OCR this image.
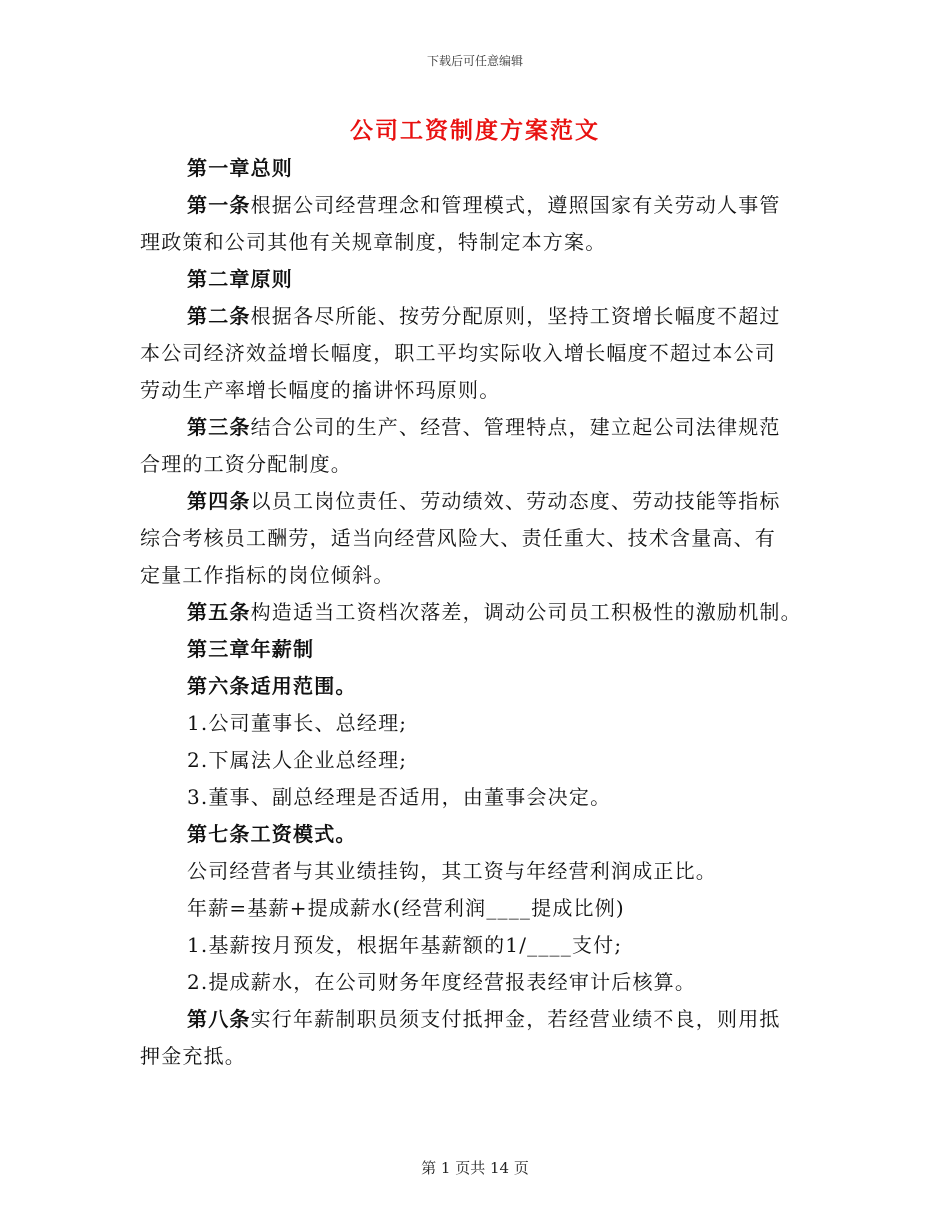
下载后可任意编辑
公司工资制度方案范文
第一章总则
第一条根据公司经营理念和管理模式，遵照国家有关劳动人事管
理政策和公司其他有关规章制度，特制定本方案。
第二章原则
第二条根据各尽所能、按劳分配原则，坚持工资增长幅度不超过
本公司经济效益增长幅度，职工平均实际收入增长幅度不超过本公司
劳动生产率增长幅度的搐讲怀玛原则。
第三条结合公司的生产、经营、管理特点，建立起公司法律规范
合理的工资分配制度。
第四条以员工岗位责任、劳动绩效、劳动态度、劳动技能等指标
综合考核员工酬劳，适当向经营风险大、责任重大、技术含量高、有
定量工作指标的岗位倾斜。
第五条构造适当工资档次落差，调动公司员工积极性的激励机制。
第三章年薪制
第六条适用范围。
1.公司董事长、总经理;
2.下属法人企业总经理;
3.董事、副总经理是否适用，由董事会决定。
第七条工资模式。
公司经营者与其业绩挂钩，其工资与年经营利润成正比。
年薪=基薪+提成薪水(经营利润____提成比例)
1.基薪按月预发，根据年基薪额的1/____支付;
2.提成薪水，在公司财务年度经营报表经审计后核算。
第八条实行年薪制职员须支付抵押金，若经营业绩不良，则用抵
押金充抵。
第 1 页共 14 页
